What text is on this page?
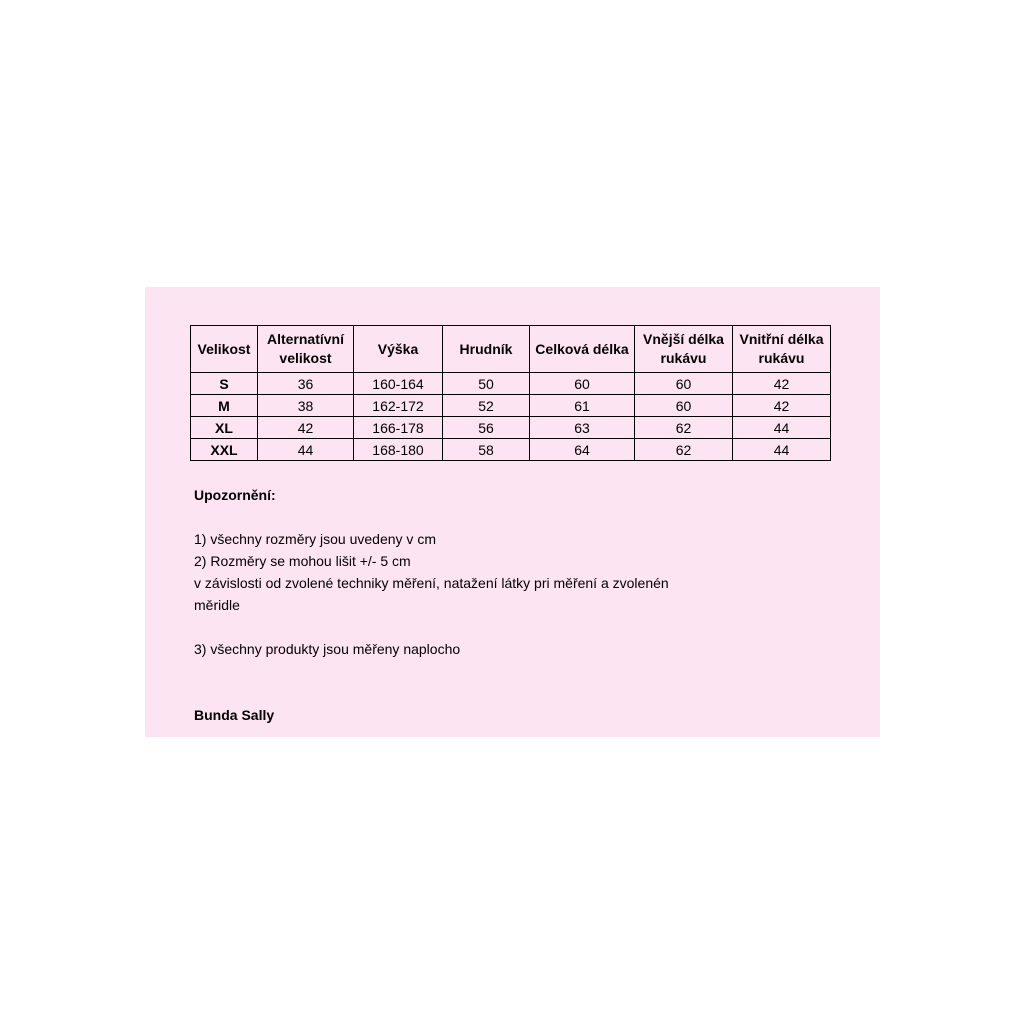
Velikost	Alternatívní velikost	Výška	Hrudník	Celková délka	Vnější délka rukávu	Vnitřní délka rukávu
S	36	160-164	50	60	60	42
M	38	162-172	52	61	60	42
XL	42	166-178	56	63	62	44
XXL	44	168-180	58	64	62	44

Upozornění:

1) všechny rozměry jsou uvedeny v cm

2) Rozměry se mohou lišit +/- 5 cm

v závislosti od zvolené techniky měření, natažení látky pri měření a zvolenén

měridle

3) všechny produkty jsou měřeny naplocho

Bunda Sally
